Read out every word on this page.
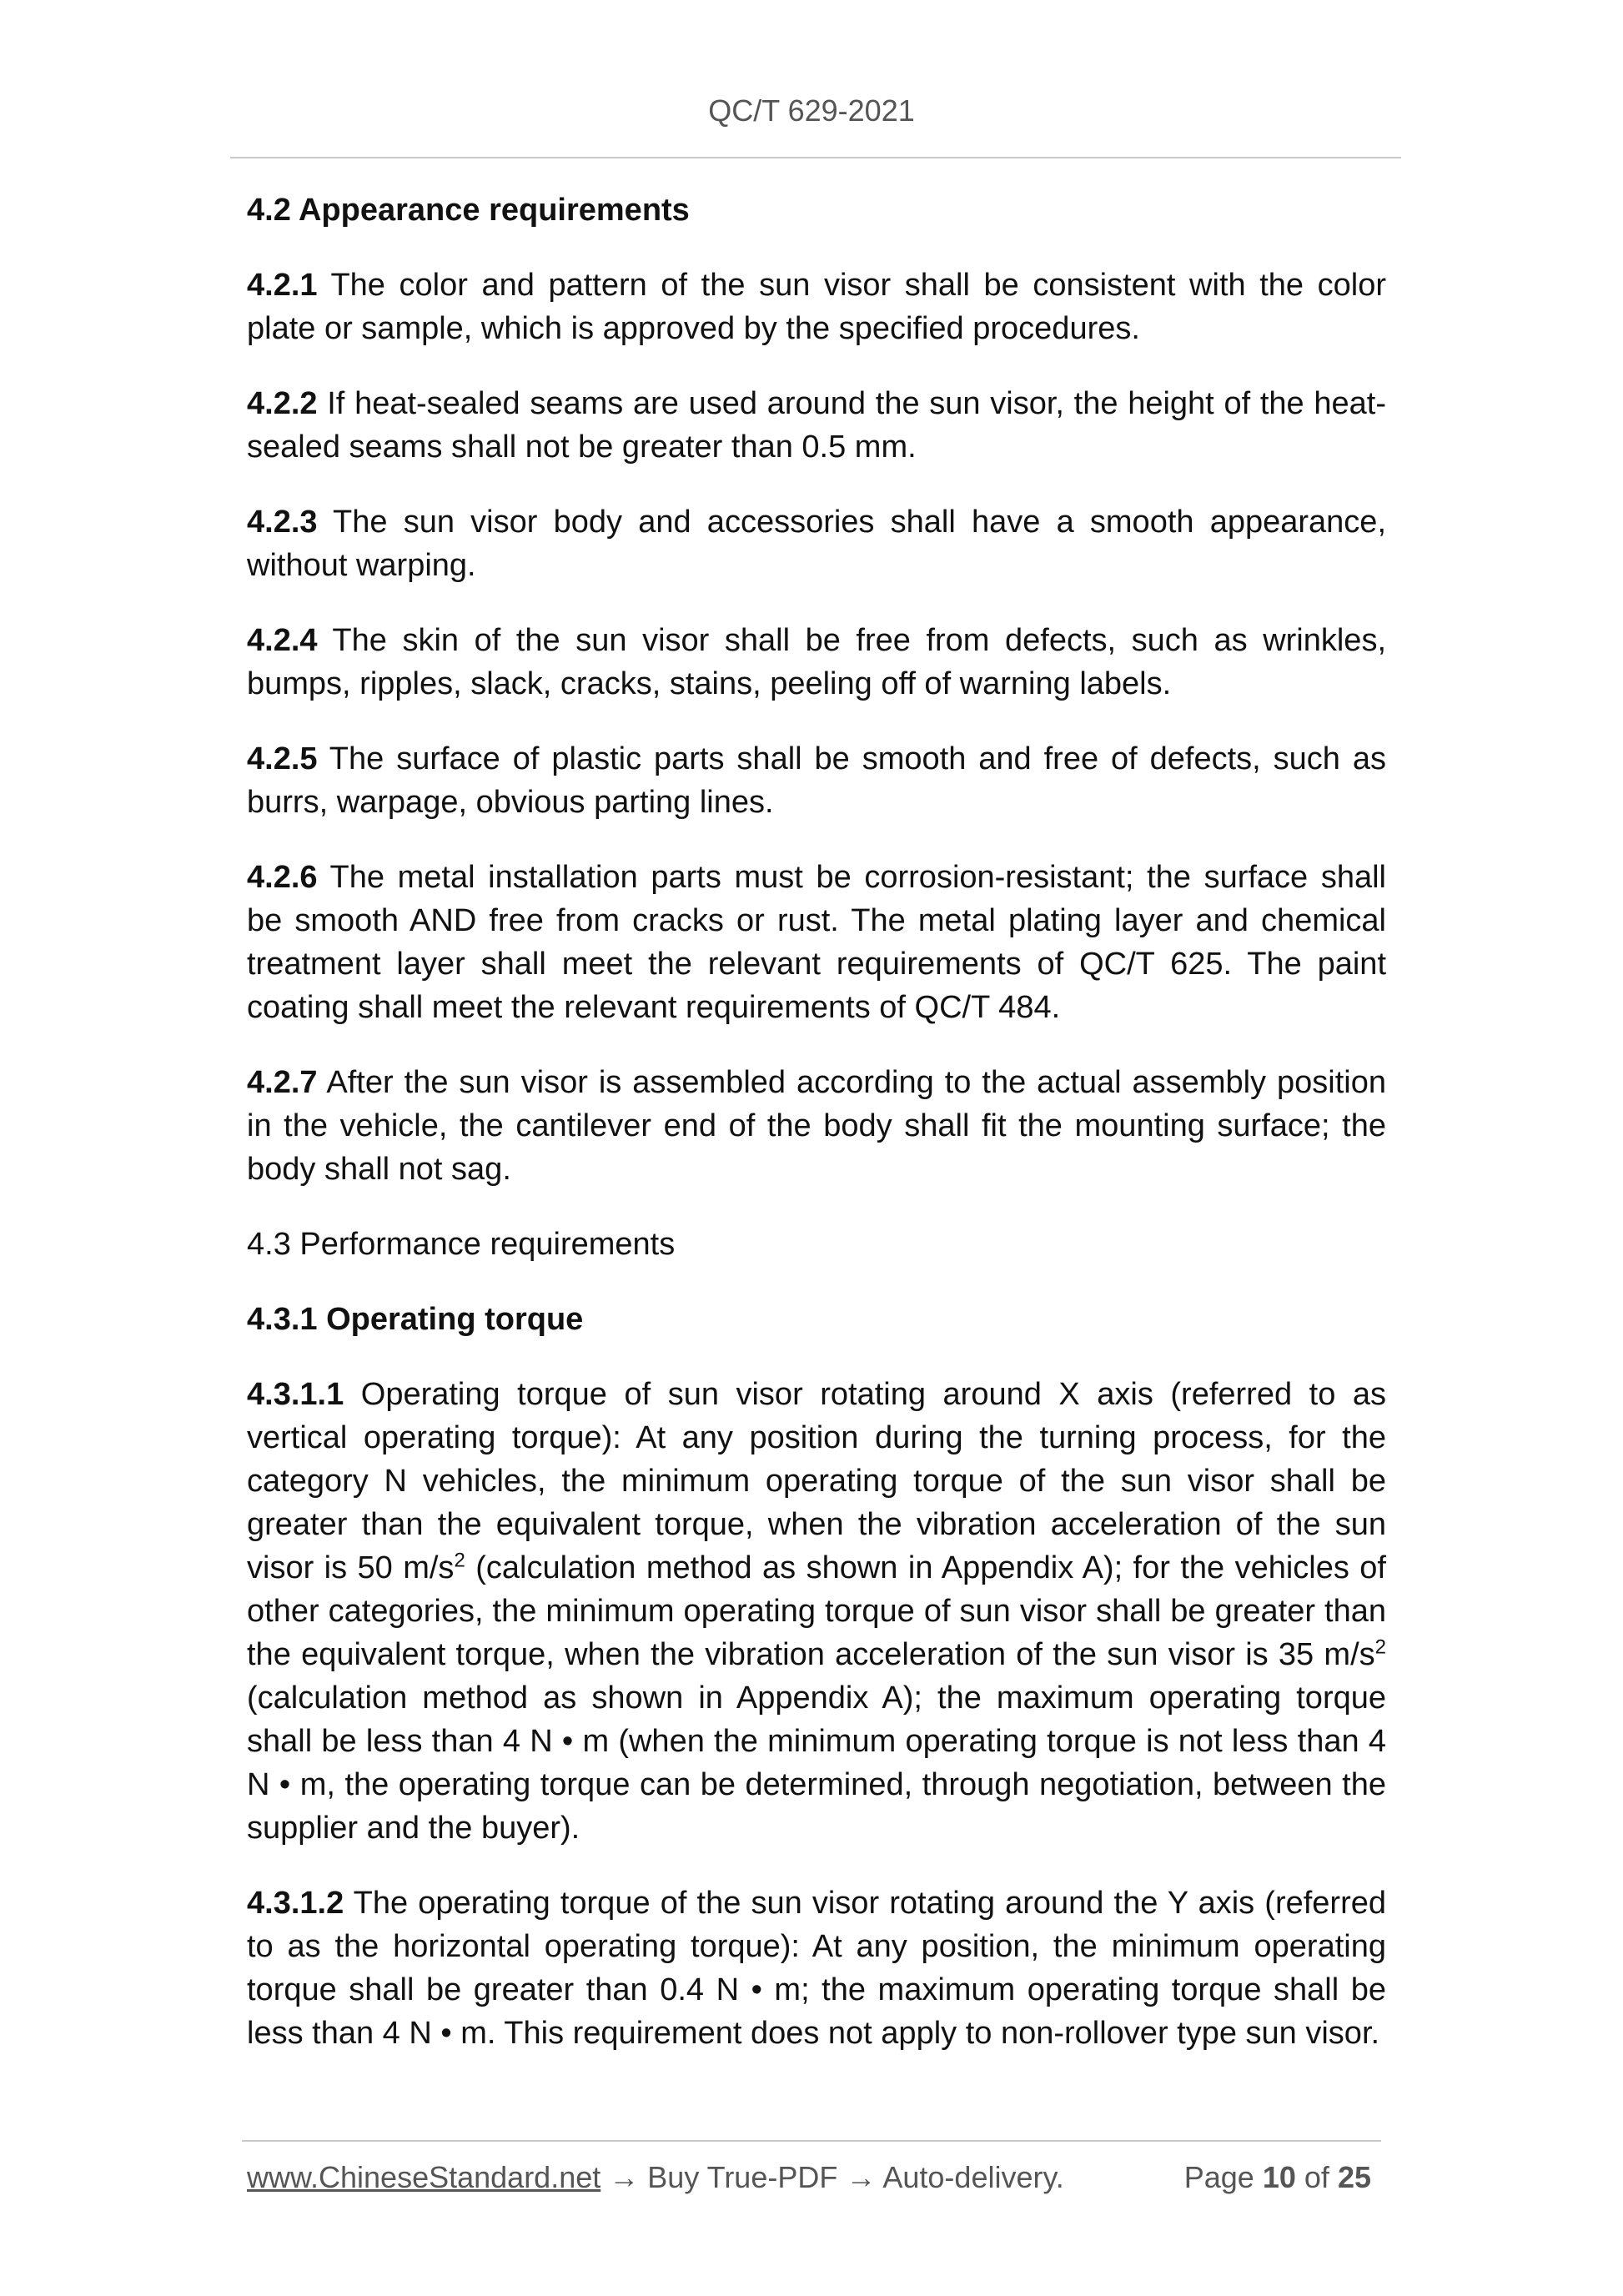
QC/T 629-2021
4.2 Appearance requirements

4.2.1 The color and pattern of the sun visor shall be consistent with the color plate or sample, which is approved by the specified procedures.

4.2.2 If heat-sealed seams are used around the sun visor, the height of the heat-sealed seams shall not be greater than 0.5 mm.

4.2.3 The sun visor body and accessories shall have a smooth appearance, without warping.

4.2.4 The skin of the sun visor shall be free from defects, such as wrinkles, bumps, ripples, slack, cracks, stains, peeling off of warning labels.

4.2.5 The surface of plastic parts shall be smooth and free of defects, such as burrs, warpage, obvious parting lines.

4.2.6 The metal installation parts must be corrosion-resistant; the surface shall be smooth AND free from cracks or rust. The metal plating layer and chemical treatment layer shall meet the relevant requirements of QC/T 625. The paint coating shall meet the relevant requirements of QC/T 484.

4.2.7 After the sun visor is assembled according to the actual assembly position in the vehicle, the cantilever end of the body shall fit the mounting surface; the body shall not sag.

4.3 Performance requirements
4.3.1 Operating torque

4.3.1.1 Operating torque of sun visor rotating around X axis (referred to as vertical operating torque): At any position during the turning process, for the category N vehicles, the minimum operating torque of the sun visor shall be greater than the equivalent torque, when the vibration acceleration of the sun visor is 50 $m/s^2$ (calculation method as shown in Appendix A); for the vehicles of other categories, the minimum operating torque of sun visor shall be greater than the equivalent torque, when the vibration acceleration of the sun visor is 35 $m/s^2$ (calculation method as shown in Appendix A); the maximum operating torque shall be less than 4 N • m (when the minimum operating torque is not less than 4 N • m, the operating torque can be determined, through negotiation, between the supplier and the buyer).

4.3.1.2 The operating torque of the sun visor rotating around the Y axis (referred to as the horizontal operating torque): At any position, the minimum operating torque shall be greater than 0.4 N • m; the maximum operating torque shall be less than 4 N • m. This requirement does not apply to non-rollover type sun visor.

www.ChineseStandard.net → Buy True-PDF → Auto-delivery.	Page 10 of 25
